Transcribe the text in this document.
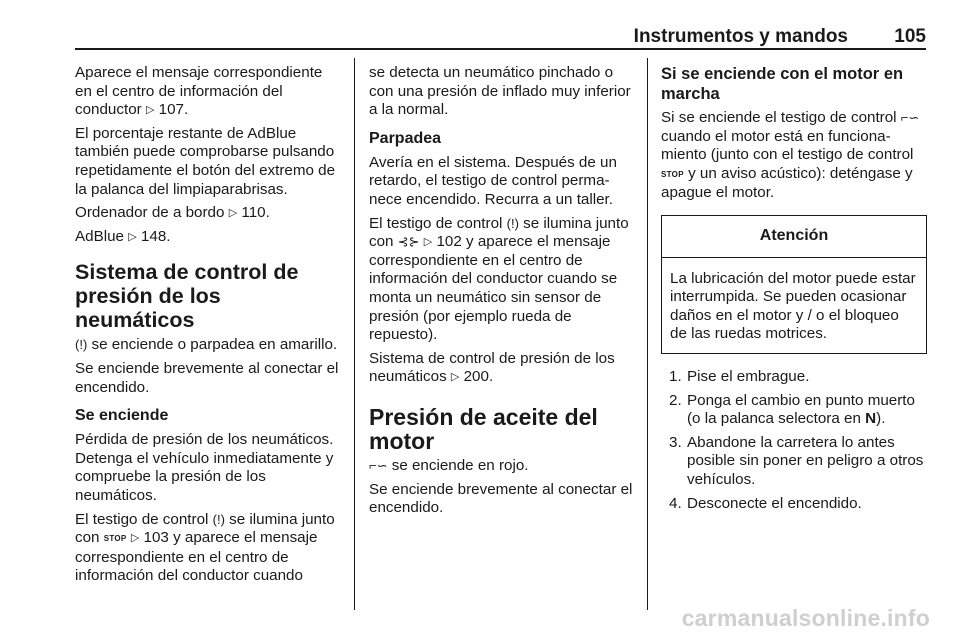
Instrumentos y mandos 105

Aparece el mensaje correspondiente en el centro de información del conductor ▷ 107.

El porcentaje restante de AdBlue también puede comprobarse pulsando repetidamente el botón del extremo de la palanca del limpiaparabrisas.

Ordenador de a bordo ▷ 110.

AdBlue ▷ 148.

Sistema de control de presión de los neumáticos

(!) se enciende o parpadea en amarillo.

Se enciende brevemente al conectar el encendido.

Se enciende

Pérdida de presión de los neumáticos. Detenga el vehículo inmediatamente y compruebe la presión de los neumáticos.

El testigo de control (!) se ilumina junto con STOP ▷ 103 y aparece el mensaje correspondiente en el centro de información del conductor cuando

se detecta un neumático pinchado o con una presión de inflado muy inferior a la normal.

Parpadea

Avería en el sistema. Después de un retardo, el testigo de control permanece encendido. Recurra a un taller.

El testigo de control (!) se ilumina junto con ⊰⊱ ▷ 102 y aparece el mensaje correspondiente en el centro de información del conductor cuando se monta un neumático sin sensor de presión (por ejemplo rueda de repuesto).

Sistema de control de presión de los neumáticos ▷ 200.

Presión de aceite del motor

⌐∽ se enciende en rojo.

Se enciende brevemente al conectar el encendido.

Si se enciende con el motor en marcha

Si se enciende el testigo de control ⌐∽ cuando el motor está en funcionamiento (junto con el testigo de control STOP y un aviso acústico): deténgase y apague el motor.

Atención
La lubricación del motor puede estar interrumpida. Se pueden ocasionar daños en el motor y / o el bloqueo de las ruedas motrices.
1. Pise el embrague.
2. Ponga el cambio en punto muerto (o la palanca selectora en N).
3. Abandone la carretera lo antes posible sin poner en peligro a otros vehículos.
4. Desconecte el encendido.
carmanualsonline.info
